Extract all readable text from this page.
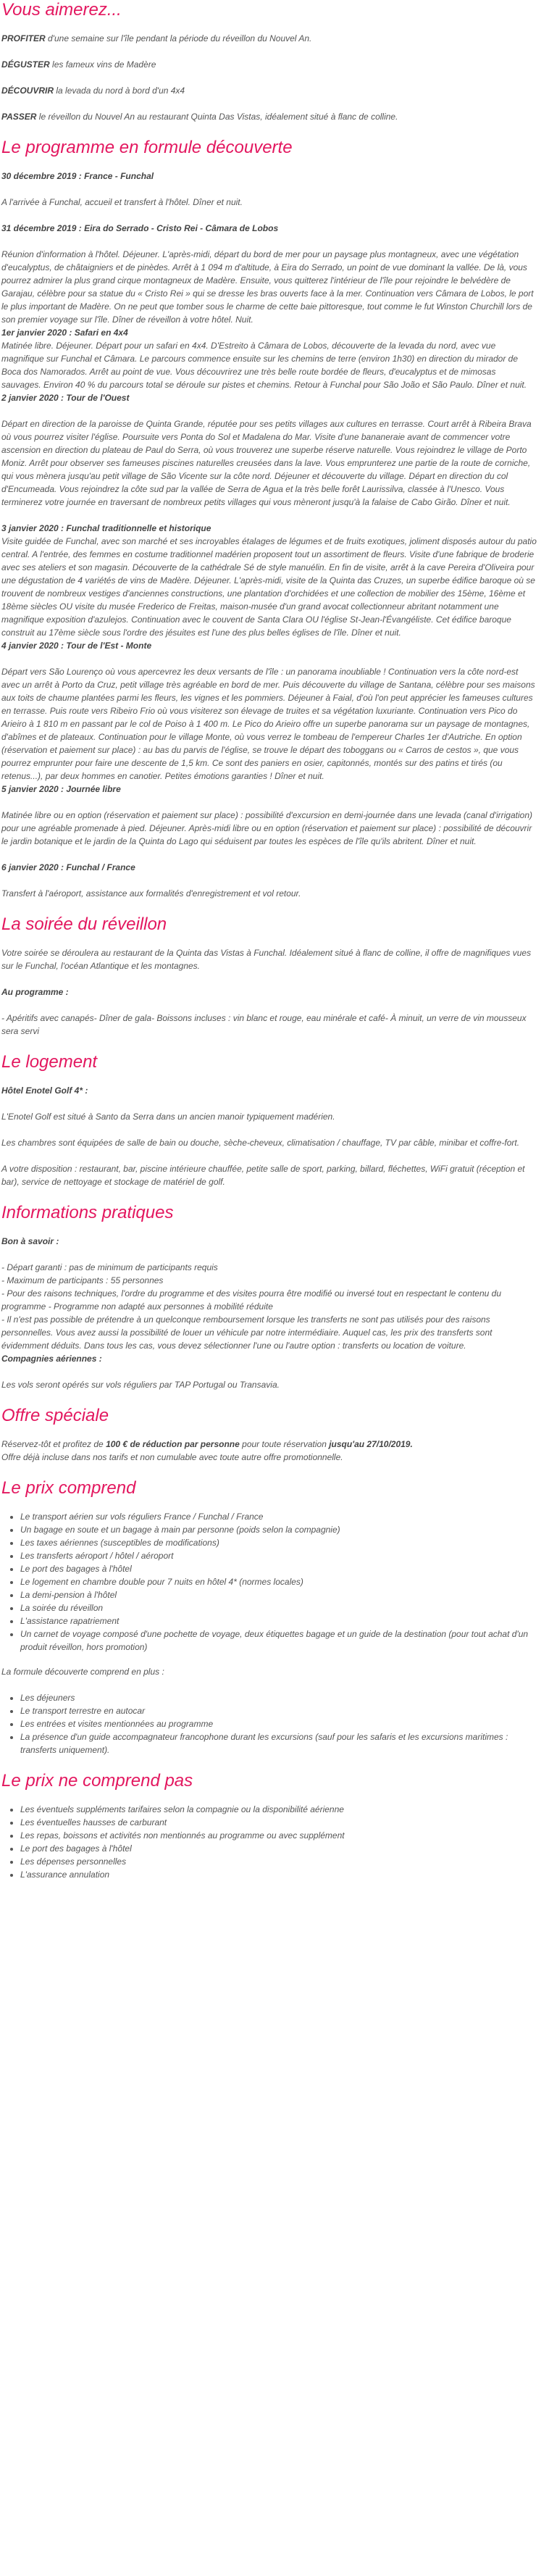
Vous aimerez...

PROFITER d'une semaine sur l'île pendant la période du réveillon du Nouvel An.

DÉGUSTER les fameux vins de Madère

DÉCOUVRIR la levada du nord à bord d'un 4x4

PASSER le réveillon du Nouvel An au restaurant Quinta Das Vistas, idéalement situé à flanc de colline.

Le programme en formule découverte

30 décembre 2019 : France - Funchal

A l'arrivée à Funchal, accueil et transfert à l'hôtel. Dîner et nuit.

31 décembre 2019 : Eira do Serrado - Cristo Rei - Câmara de Lobos

Réunion d'information à l'hôtel. Déjeuner. L'après-midi, départ du bord de mer pour un paysage plus montagneux, avec une végétation d'eucalyptus, de châtaigniers et de pinèdes. Arrêt à 1 094 m d'altitude, à Eira do Serrado, un point de vue dominant la vallée. De là, vous pourrez admirer la plus grand cirque montagneux de Madère. Ensuite, vous quitterez l'intérieur de l'île pour rejoindre le belvédère de Garajau, célèbre pour sa statue du « Cristo Rei » qui se dresse les bras ouverts face à la mer. Continuation vers Câmara de Lobos, le port le plus important de Madère. On ne peut que tomber sous le charme de cette baie pittoresque, tout comme le fut Winston Churchill lors de son premier voyage sur l'île. Dîner de réveillon à votre hôtel. Nuit.

1er janvier 2020 : Safari en 4x4

Matinée libre. Déjeuner. Départ pour un safari en 4x4. D'Estreito à Câmara de Lobos, découverte de la levada du nord, avec vue magnifique sur Funchal et Câmara. Le parcours commence ensuite sur les chemins de terre (environ 1h30) en direction du mirador de Boca dos Namorados. Arrêt au point de vue. Vous découvrirez une très belle route bordée de fleurs, d'eucalyptus et de mimosas sauvages. Environ 40 % du parcours total se déroule sur pistes et chemins. Retour à Funchal pour São João et São Paulo. Dîner et nuit.

2 janvier 2020 : Tour de l'Ouest

Départ en direction de la paroisse de Quinta Grande, réputée pour ses petits villages aux cultures en terrasse. Court arrêt à Ribeira Brava où vous pourrez visiter l'église. Poursuite vers Ponta do Sol et Madalena do Mar. Visite d'une bananeraie avant de commencer votre ascension en direction du plateau de Paul do Serra, où vous trouverez une superbe réserve naturelle. Vous rejoindrez le village de Porto Moniz. Arrêt pour observer ses fameuses piscines naturelles creusées dans la lave. Vous emprunterez une partie de la route de corniche, qui vous mènera jusqu'au petit village de São Vicente sur la côte nord. Déjeuner et découverte du village. Départ en direction du col d'Encumeada. Vous rejoindrez la côte sud par la vallée de Serra de Agua et la très belle forêt Laurissilva, classée à l'Unesco. Vous terminerez votre journée en traversant de nombreux petits villages qui vous mèneront jusqu'à la falaise de Cabo Girão. Dîner et nuit.

3 janvier 2020 : Funchal traditionnelle et historique

Visite guidée de Funchal, avec son marché et ses incroyables étalages de légumes et de fruits exotiques, joliment disposés autour du patio central. A l'entrée, des femmes en costume traditionnel madérien proposent tout un assortiment de fleurs. Visite d'une fabrique de broderie avec ses ateliers et son magasin. Découverte de la cathédrale Sé de style manuélin. En fin de visite, arrêt à la cave Pereira d'Oliveira pour une dégustation de 4 variétés de vins de Madère. Déjeuner. L'après-midi, visite de la Quinta das Cruzes, un superbe édifice baroque où se trouvent de nombreux vestiges d'anciennes constructions, une plantation d'orchidées et une collection de mobilier des 15ème, 16ème et 18ème siècles OU visite du musée Frederico de Freitas, maison-musée d'un grand avocat collectionneur abritant notamment une magnifique exposition d'azulejos. Continuation avec le couvent de Santa Clara OU l'église St-Jean-l'Évangéliste. Cet édifice baroque construit au 17ème siècle sous l'ordre des jésuites est l'une des plus belles églises de l'île. Dîner et nuit.

4 janvier 2020 : Tour de l'Est - Monte

Départ vers São Lourenço où vous apercevrez les deux versants de l'île : un panorama inoubliable ! Continuation vers la côte nord-est avec un arrêt à Porto da Cruz, petit village très agréable en bord de mer. Puis découverte du village de Santana, célèbre pour ses maisons aux toits de chaume plantées parmi les fleurs, les vignes et les pommiers. Déjeuner à Faial, d'où l'on peut apprécier les fameuses cultures en terrasse. Puis route vers Ribeiro Frio où vous visiterez son élevage de truites et sa végétation luxuriante. Continuation vers Pico do Arieiro à 1 810 m en passant par le col de Poiso à 1 400 m. Le Pico do Arieiro offre un superbe panorama sur un paysage de montagnes, d'abîmes et de plateaux. Continuation pour le village Monte, où vous verrez le tombeau de l'empereur Charles 1er d'Autriche. En option (réservation et paiement sur place) : au bas du parvis de l'église, se trouve le départ des toboggans ou « Carros de cestos », que vous pourrez emprunter pour faire une descente de 1,5 km. Ce sont des paniers en osier, capitonnés, montés sur des patins et tirés (ou retenus...), par deux hommes en canotier. Petites émotions garanties ! Dîner et nuit.

5 janvier 2020 : Journée libre

Matinée libre ou en option (réservation et paiement sur place) : possibilité d'excursion en demi-journée dans une levada (canal d'irrigation) pour une agréable promenade à pied. Déjeuner. Après-midi libre ou en option (réservation et paiement sur place) : possibilité de découvrir le jardin botanique et le jardin de la Quinta do Lago qui séduisent par toutes les espèces de l'île qu'ils abritent. Dîner et nuit.

6 janvier 2020 : Funchal / France

Transfert à l'aéroport, assistance aux formalités d'enregistrement et vol retour.

La soirée du réveillon

Votre soirée se déroulera au restaurant de la Quinta das Vistas à Funchal. Idéalement situé à flanc de colline, il offre de magnifiques vues sur le Funchal, l'océan Atlantique et les montagnes.

Au programme :

- Apéritifs avec canapés- Dîner de gala- Boissons incluses : vin blanc et rouge, eau minérale et café- À minuit, un verre de vin mousseux sera servi

Le logement

Hôtel Enotel Golf 4* :

L'Enotel Golf est situé à Santo da Serra dans un ancien manoir typiquement madérien.

Les chambres sont équipées de salle de bain ou douche, sèche-cheveux, climatisation / chauffage, TV par câble, minibar et coffre-fort.

A votre disposition : restaurant, bar, piscine intérieure chauffée, petite salle de sport, parking, billard, fléchettes, WiFi gratuit (réception et bar), service de nettoyage et stockage de matériel de golf.

Informations pratiques

Bon à savoir :

- Départ garanti : pas de minimum de participants requis

- Maximum de participants : 55 personnes

- Pour des raisons techniques, l'ordre du programme et des visites pourra être modifié ou inversé tout en respectant le contenu du programme - Programme non adapté aux personnes à mobilité réduite

- Il n'est pas possible de prétendre à un quelconque remboursement lorsque les transferts ne sont pas utilisés pour des raisons personnelles. Vous avez aussi la possibilité de louer un véhicule par notre intermédiaire. Auquel cas, les prix des transferts sont évidemment déduits. Dans tous les cas, vous devez sélectionner l'une ou l'autre option : transferts ou location de voiture.

Compagnies aériennes :

Les vols seront opérés sur vols réguliers par TAP Portugal ou Transavia.

Offre spéciale

Réservez-tôt et profitez de 100 € de réduction par personne pour toute réservation jusqu'au 27/10/2019.

Offre déjà incluse dans nos tarifs et non cumulable avec toute autre offre promotionnelle.

Le prix comprend
• Le transport aérien sur vols réguliers France / Funchal / France
• Un bagage en soute et un bagage à main par personne (poids selon la compagnie)
• Les taxes aériennes (susceptibles de modifications)
• Les transferts aéroport / hôtel / aéroport
• Le port des bagages à l'hôtel
• Le logement en chambre double pour 7 nuits en hôtel 4* (normes locales)
• La demi-pension à l'hôtel
• La soirée du réveillon
• L'assistance rapatriement
• Un carnet de voyage composé d'une pochette de voyage, deux étiquettes bagage et un guide de la destination (pour tout achat d'un produit réveillon, hors promotion)

La formule découverte comprend en plus :

• Les déjeuners
• Le transport terrestre en autocar
• Les entrées et visites mentionnées au programme
• La présence d'un guide accompagnateur francophone durant les excursions (sauf pour les safaris et les excursions maritimes : transferts uniquement).
Le prix ne comprend pas
• Les éventuels suppléments tarifaires selon la compagnie ou la disponibilité aérienne
• Les éventuelles hausses de carburant
• Les repas, boissons et activités non mentionnés au programme ou avec supplément
• Le port des bagages à l'hôtel
• Les dépenses personnelles
• L'assurance annulation
